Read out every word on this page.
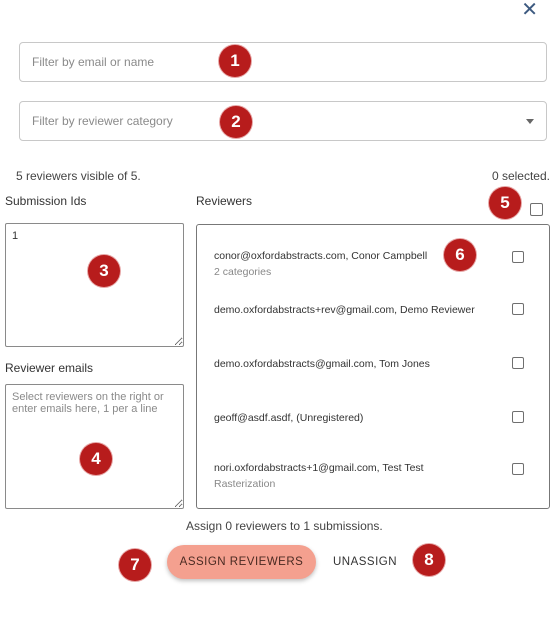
✕
Filter by email or name
Filter by reviewer category
5 reviewers visible of 5.	0 selected.
Submission Ids	Reviewers
1
Reviewer emails
Select reviewers on the right or enter emails here, 1 per a line
conor@oxfordabstracts.com, Conor Campbell
2 categories
demo.oxfordabstracts+rev@gmail.com, Demo Reviewer
demo.oxfordabstracts@gmail.com, Tom Jones
geoff@asdf.asdf, (Unregistered)
nori.oxfordabstracts+1@gmail.com, Test Test
Rasterization
Assign 0 reviewers to 1 submissions.
ASSIGN REVIEWERS	UNASSIGN
1
2
3
4
5
6
7	8
